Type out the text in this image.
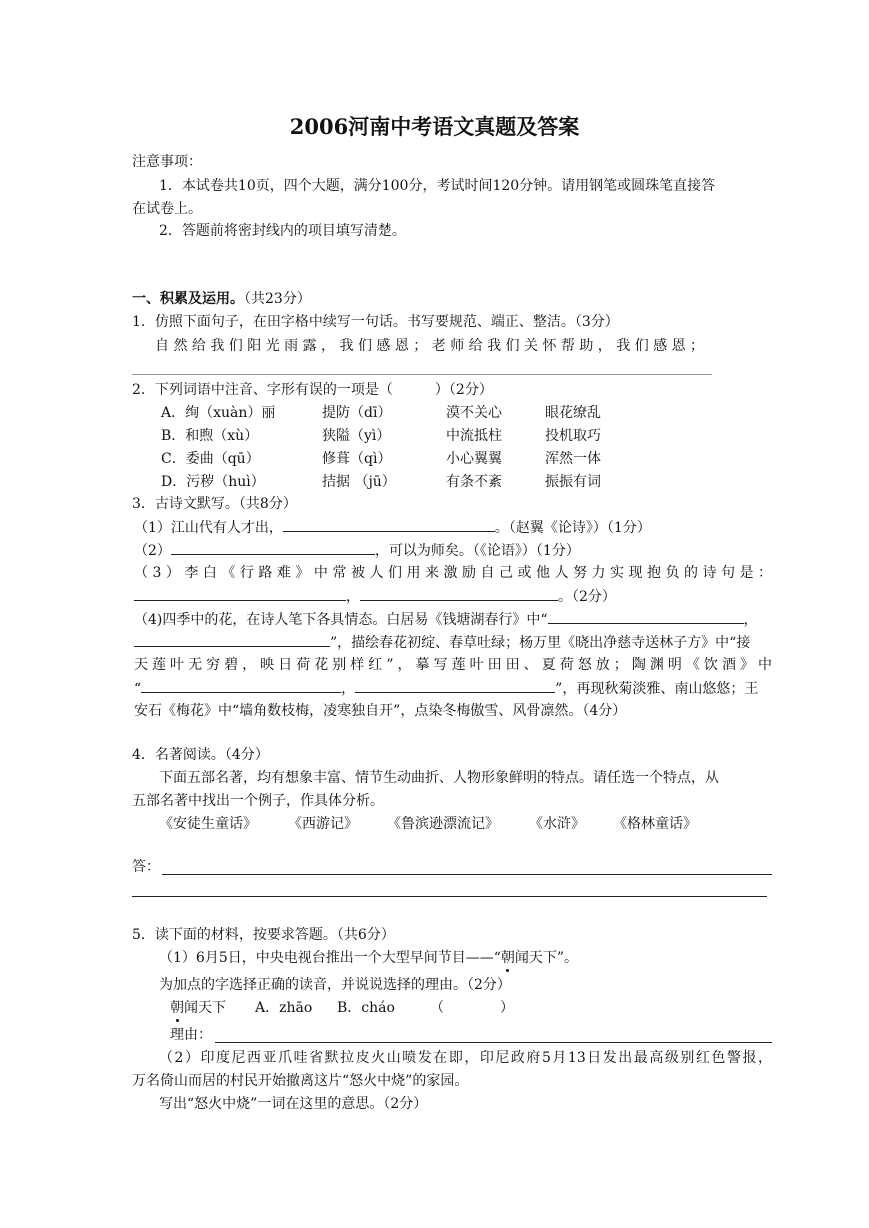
2006河南中考语文真题及答案
注意事项：
1．本试卷共10页，四个大题，满分100分，考试时间120分钟。请用钢笔或圆珠笔直接答
在试卷上。
2．答题前将密封线内的项目填写清楚。
一、积累及运用。（共23分）
1．仿照下面句子，在田字格中续写一句话。书写要规范、端正、整洁。（3分）
自 然 给 我 们 阳 光 雨 露 ， 我 们 感 恩 ； 老 师 给 我 们 关 怀 帮 助 ， 我 们 感 恩 ；
2．下列词语中注音、字形有误的一项是（　　　）（2分）
A．绚（xuàn）丽	提防（dī）	漠不关心	眼花缭乱
B．和煦（xù）	狭隘（yì）	中流抵柱	投机取巧
C．委曲（qū）	修葺（qì）	小心翼翼	浑然一体
D．污秽（huì）	拮据 （jū）	有条不紊	振振有词
3．古诗文默写。（共8分）
（1）江山代有人才出，	。（赵翼《论诗》）（1分）
（2）	，可以为师矣。（《论语》）（1分）
（3）李白《行路难》中常被人们用来激励自己或他人努力实现抱负的诗句是：
，	。（2分）
（4)四季中的花，在诗人笔下各具情态。白居易《钱塘湖春行》中“	，
”，描绘春花初绽、春草吐绿；杨万里《晓出净慈寺送林子方》中“接
天莲叶无穷碧，映日荷花别样红”，摹写莲叶田田、夏荷怒放；陶渊明《饮酒》中
“	，	”，再现秋菊淡雅、南山悠悠；王
安石《梅花》中“墙角数枝梅，凌寒独自开”，点染冬梅傲雪、风骨凛然。（4分）
4．名著阅读。（4分）
下面五部名著，均有想象丰富、情节生动曲折、人物形象鲜明的特点。请任选一个特点，从
五部名著中找出一个例子，作具体分析。
《安徒生童话》 《西游记》 《鲁滨逊漂流记》 《水浒》 《格林童话》
答：
5．读下面的材料，按要求答题。（共6分）
（1）6月5日，中央电视台推出一个大型早间节目——“朝闻天下”。
为加点的字选择正确的读音，并说说选择的理由。（2分）
朝闻天下 A．zhāo B．cháo	（　　　　）
理由：
（2）印度尼西亚爪哇省默拉皮火山喷发在即，印尼政府5月13日发出最高级别红色警报，
万名倚山而居的村民开始撤离这片“怒火中烧”的家园。
写出“怒火中烧”一词在这里的意思。（2分）
